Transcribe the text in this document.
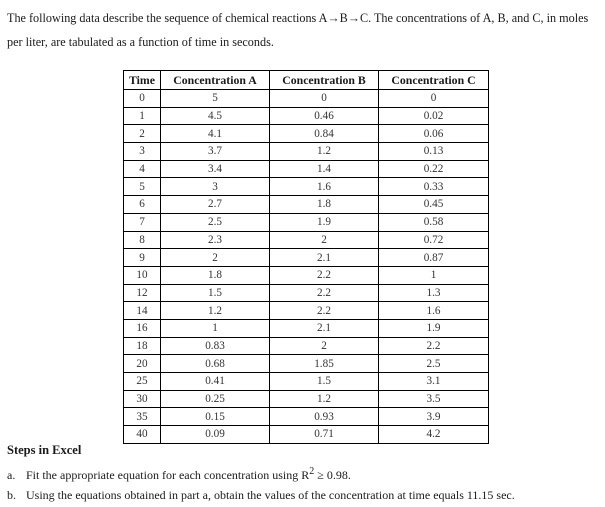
The following data describe the sequence of chemical reactions A→B→C. The concentrations of A, B, and C, in moles per liter, are tabulated as a function of time in seconds.

Time	Concentration A	Concentration B	Concentration C
0	5	0	0
1	4.5	0.46	0.02
2	4.1	0.84	0.06
3	3.7	1.2	0.13
4	3.4	1.4	0.22
5	3	1.6	0.33
6	2.7	1.8	0.45
7	2.5	1.9	0.58
8	2.3	2	0.72
9	2	2.1	0.87
10	1.8	2.2	1
12	1.5	2.2	1.3
14	1.2	2.2	1.6
16	1	2.1	1.9
18	0.83	2	2.2
20	0.68	1.85	2.5
25	0.41	1.5	3.1
30	0.25	1.2	3.5
35	0.15	0.93	3.9
40	0.09	0.71	4.2

Steps in Excel

a. Fit the appropriate equation for each concentration using $R^2 \ge 0.98$.

b. Using the equations obtained in part a, obtain the values of the concentration at time equals 11.15 sec.
